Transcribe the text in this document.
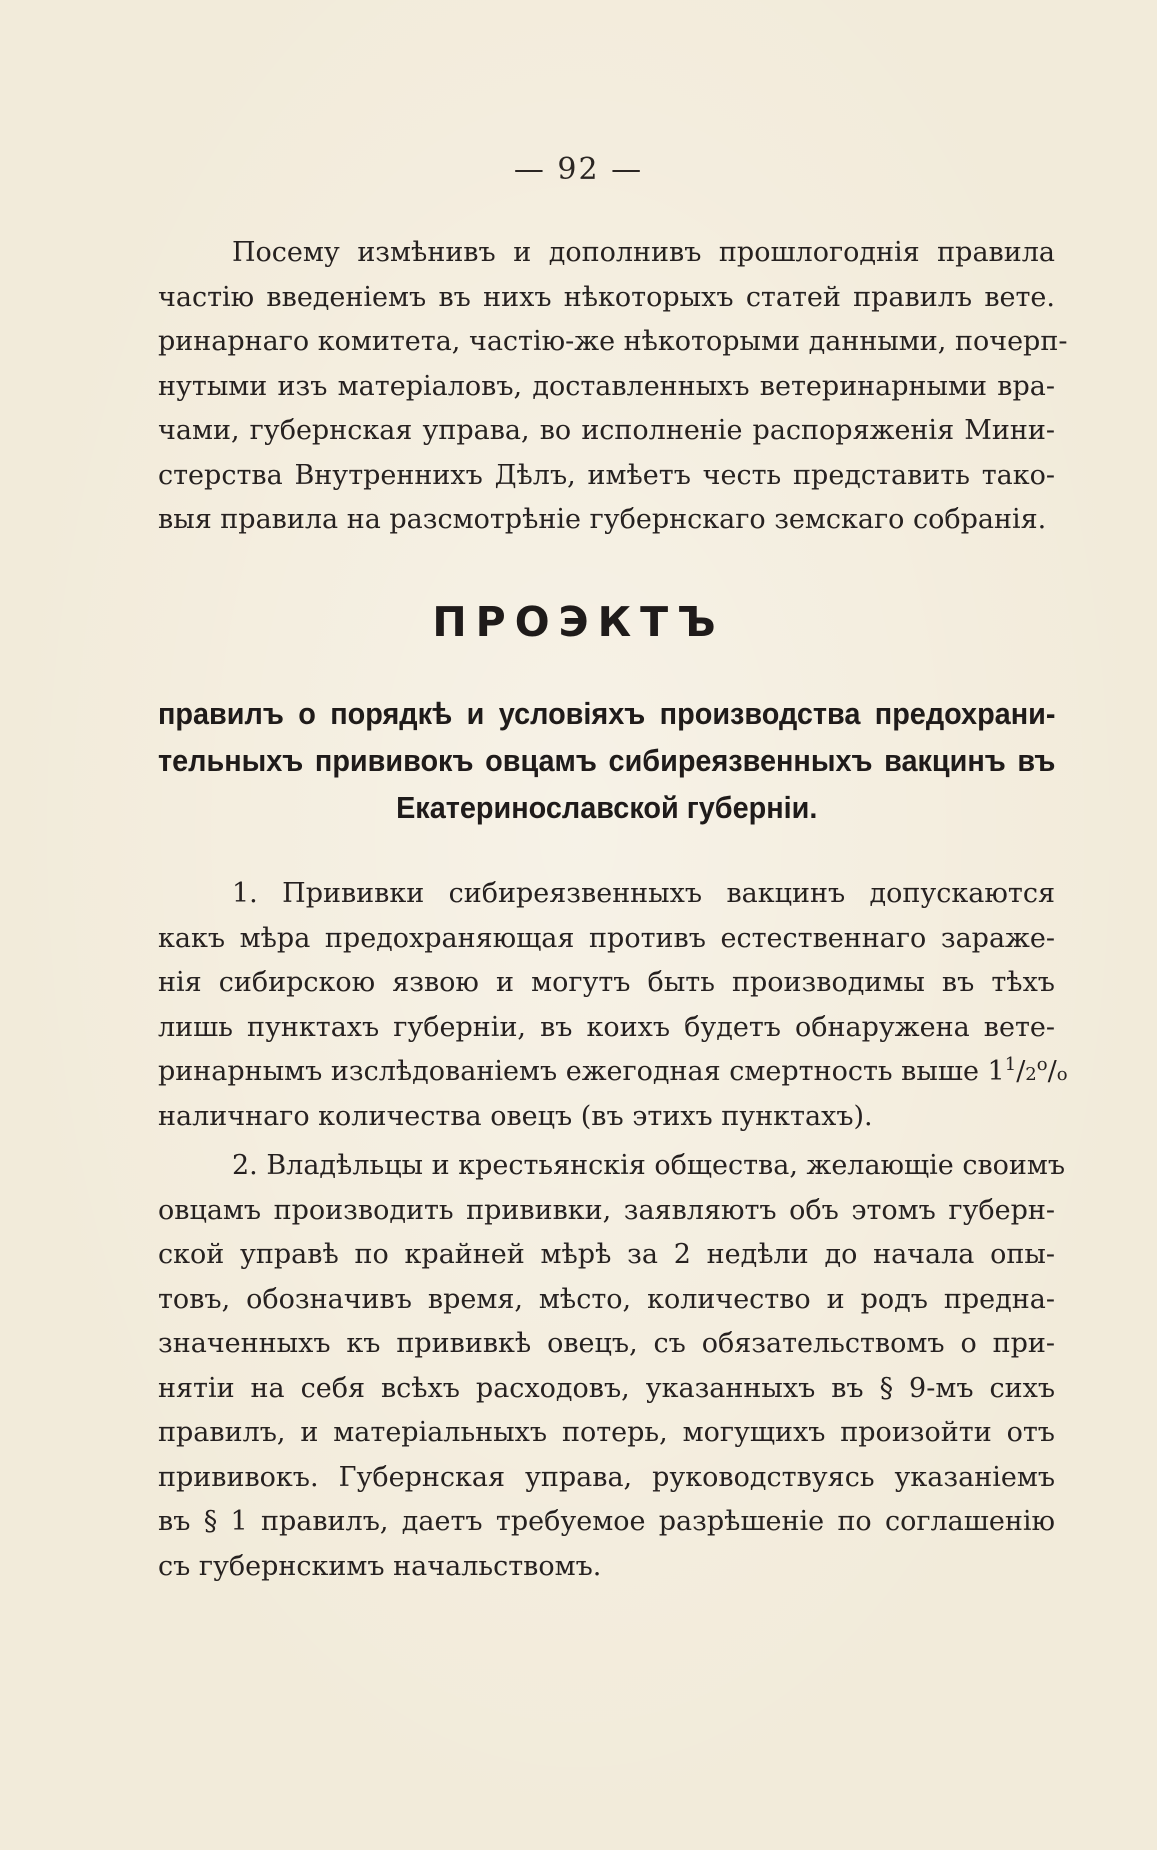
— 92 —
Посему измѣнивъ и дополнивъ прошлогоднія правила
частію введеніемъ въ нихъ нѣкоторыхъ статей правилъ вете.
ринарнаго комитета, частію-же нѣкоторыми данными, почерп-
нутыми изъ матеріаловъ, доставленныхъ ветеринарными вра-
чами, губернская управа, во исполненіе распоряженія Мини-
стерства Внутреннихъ Дѣлъ, имѣетъ честь представить тако-
выя правила на разсмотрѣніе губернскаго земскаго собранія.
ПРОЭКТЪ
правилъ о порядкѣ и условіяхъ производства предохрани-
тельныхъ прививокъ овцамъ сибиреязвенныхъ вакцинъ въ
Екатеринославской губерніи.
1. Прививки сибиреязвенныхъ вакцинъ допускаются
какъ мѣра предохраняющая противъ естественнаго зараже-
нія сибирскою язвою и могутъ быть производимы въ тѣхъ
лишь пунктахъ губерніи, въ коихъ будетъ обнаружена вете-
ринарнымъ изслѣдованіемъ ежегодная смертность выше $1^1/2^o/o$
наличнаго количества овецъ (въ этихъ пунктахъ).
2. Владѣльцы и крестьянскія общества, желающіе своимъ
овцамъ производить прививки, заявляютъ объ этомъ губерн-
ской управѣ по крайней мѣрѣ за 2 недѣли до начала опы-
товъ, обозначивъ время, мѣсто, количество и родъ предна-
значенныхъ къ прививкѣ овецъ, съ обязательствомъ о при-
нятіи на себя всѣхъ расходовъ, указанныхъ въ § 9-мъ сихъ
правилъ, и матеріальныхъ потерь, могущихъ произойти отъ
прививокъ. Губернская управа, руководствуясь указаніемъ
въ § 1 правилъ, даетъ требуемое разрѣшеніе по соглашенію
съ губернскимъ начальствомъ.
